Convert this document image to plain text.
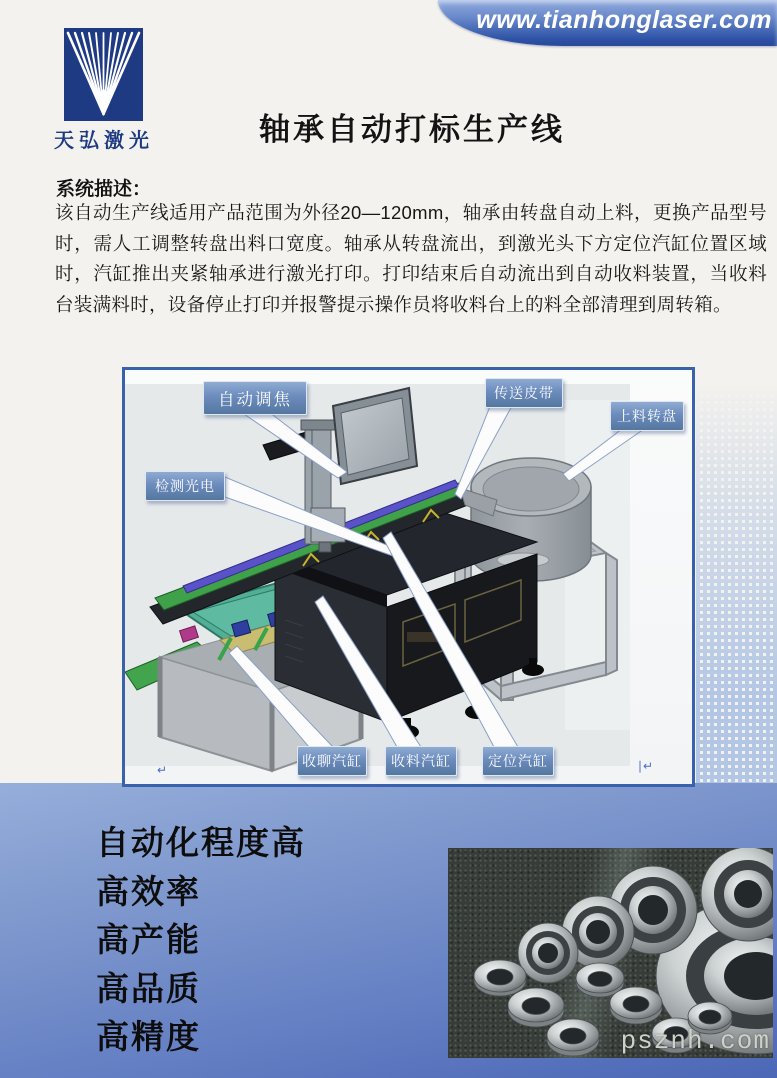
www.tianhonglaser.com
天弘激光	轴承自动打标生产线
系统描述：
该自动生产线适用产品范围为外径20—120mm，轴承由转盘自动上料，更换产品型号时，需人工调整转盘出料口宽度。轴承从转盘流出，到激光头下方定位汽缸位置区域时，汽缸推出夹紧轴承进行激光打印。打印结束后自动流出到自动收料装置，当收料台装满料时，设备停止打印并报警提示操作员将收料台上的料全部清理到周转箱。
自动调焦	传送皮带
上料转盘
检测光电
收聊汽缸	收料汽缸	定位汽缸
↵	∣↵
自动化程度高
高效率
高产能
高品质
高精度	psznh.com
